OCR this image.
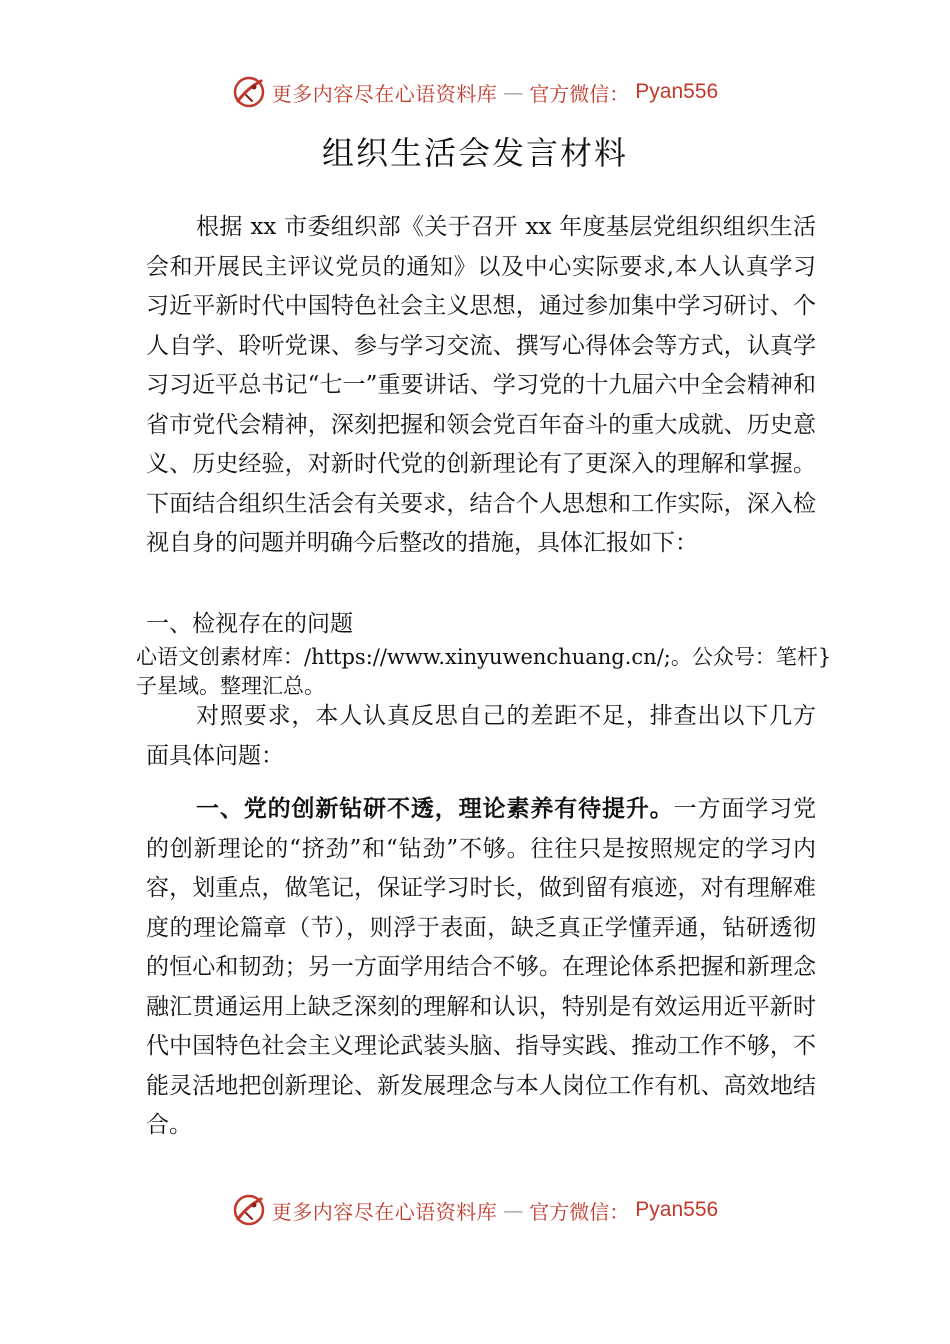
更多内容尽在心语资料库 — 官方微信： Pyan556
组织生活会发言材料

根据 xx 市委组织部《关于召开 xx 年度基层党组织组织生活会和开展民主评议党员的通知》以及中心实际要求,本人认真学习习近平新时代中国特色社会主义思想，通过参加集中学习研讨、个人自学、聆听党课、参与学习交流、撰写心得体会等方式，认真学习习近平总书记“七一”重要讲话、学习党的十九届六中全会精神和省市党代会精神，深刻把握和领会党百年奋斗的重大成就、历史意义、历史经验，对新时代党的创新理论有了更深入的理解和掌握。下面结合组织生活会有关要求，结合个人思想和工作实际，深入检视自身的问题并明确今后整改的措施，具体汇报如下：

一、检视存在的问题

心语文创素材库：/https://www.xinyuwenchuang.cn/;。公众号：笔杆}子星域。整理汇总。

对照要求，本人认真反思自己的差距不足，排查出以下几方面具体问题：

一、党的创新钻研不透，理论素养有待提升。一方面学习党的创新理论的“挤劲”和“钻劲”不够。往往只是按照规定的学习内容，划重点，做笔记，保证学习时长，做到留有痕迹，对有理解难度的理论篇章（节），则浮于表面，缺乏真正学懂弄通，钻研透彻的恒心和韧劲；另一方面学用结合不够。在理论体系把握和新理念融汇贯通运用上缺乏深刻的理解和认识，特别是有效运用近平新时代中国特色社会主义理论武装头脑、指导实践、推动工作不够，不能灵活地把创新理论、新发展理念与本人岗位工作有机、高效地结合。

更多内容尽在心语资料库 — 官方微信： Pyan556
